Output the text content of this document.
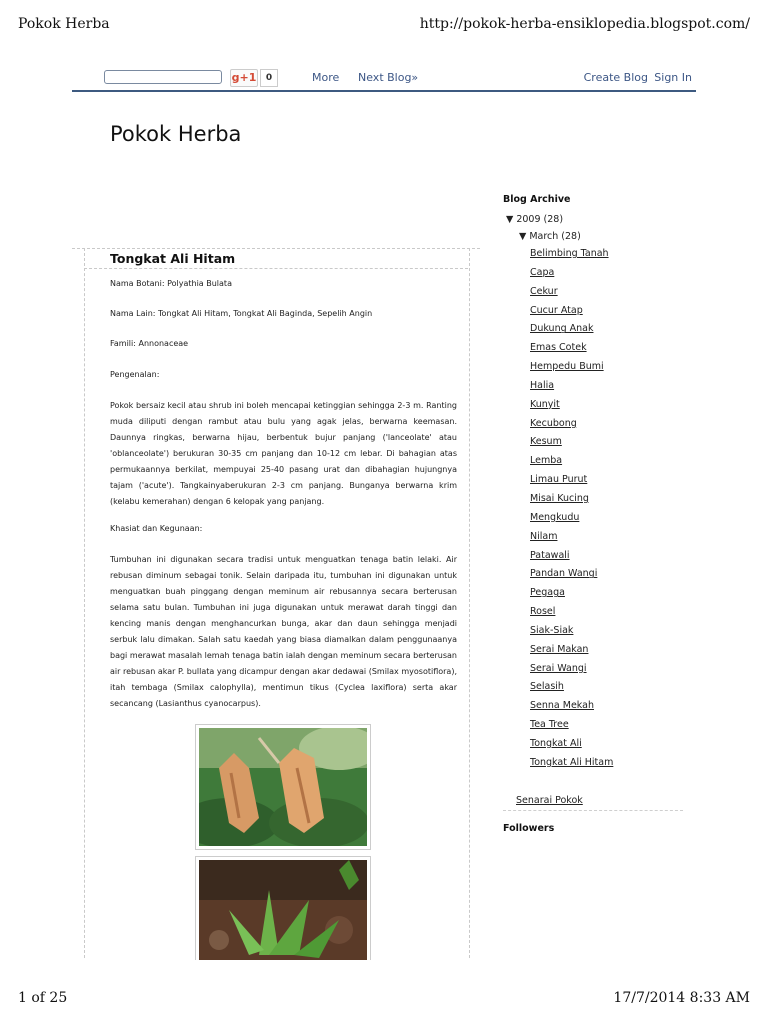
Pokok Herba	http://pokok-herba-ensiklopedia.blogspot.com/
g+1	0	More Next Blog»	Create Blog Sign In
Pokok Herba
Tongkat Ali Hitam
Nama Botani: Polyathia Bulata
Nama Lain: Tongkat Ali Hitam, Tongkat Ali Baginda, Sepelih Angin
Famili: Annonaceae
Pengenalan:
Pokok bersaiz kecil atau shrub ini boleh mencapai ketinggian sehingga 2-3 m. Ranting muda diliputi dengan rambut atau bulu yang agak jelas, berwarna keemasan. Daunnya ringkas, berwarna hijau, berbentuk bujur panjang ('lanceolate' atau 'oblanceolate') berukuran 30-35 cm panjang dan 10-12 cm lebar. Di bahagian atas permukaannya berkilat, mempuyai 25-40 pasang urat dan dibahagian hujungnya tajam ('acute'). Tangkainyaberukuran 2-3 cm panjang. Bunganya berwarna krim (kelabu kemerahan) dengan 6 kelopak yang panjang.
Khasiat dan Kegunaan:
Tumbuhan ini digunakan secara tradisi untuk menguatkan tenaga batin lelaki. Air rebusan diminum sebagai tonik. Selain daripada itu, tumbuhan ini digunakan untuk menguatkan buah pinggang dengan meminum air rebusannya secara berterusan selama satu bulan. Tumbuhan ini juga digunakan untuk merawat darah tinggi dan kencing manis dengan menghancurkan bunga, akar dan daun sehingga menjadi serbuk lalu dimakan. Salah satu kaedah yang biasa diamalkan dalam penggunaanya bagi merawat masalah lemah tenaga batin ialah dengan meminum secara berterusan air rebusan akar P. bullata yang dicampur dengan akar dedawai (Smilax myosotiflora), itah tembaga (Smilax calophylla), mentimun tikus (Cyclea laxiflora) serta akar secancang (Lasianthus cyanocarpus).
Blog Archive
▼ 2009 (28)
▼ March (28)
Belimbing Tanah
Capa
Cekur
Cucur Atap
Dukung Anak
Emas Cotek
Hempedu Bumi
Halia
Kunyit
Kecubong
Kesum
Lemba
Limau Purut
Misai Kucing
Mengkudu
Nilam
Patawali
Pandan Wangi
Pegaga
Rosel
Siak-Siak
Serai Makan
Serai Wangi
Selasih
Senna Mekah
Tea Tree
Tongkat Ali
Tongkat Ali Hitam
Senarai Pokok
Followers
1 of 25	17/7/2014 8:33 AM
